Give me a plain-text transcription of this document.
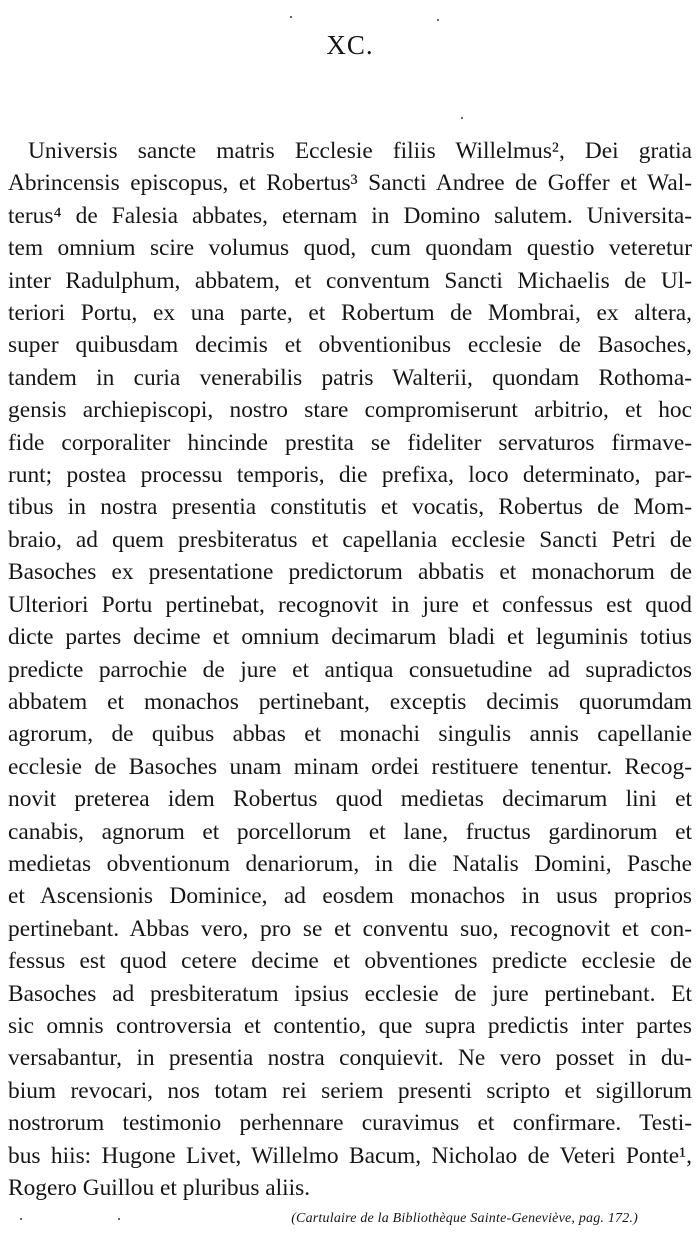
XC.
Universis sancte matris Ecclesie filiis Willelmus², Dei gratia
Abrincensis episcopus, et Robertus³ Sancti Andree de Goffer et Wal-
terus⁴ de Falesia abbates, eternam in Domino salutem. Universita-
tem omnium scire volumus quod, cum quondam questio veteretur
inter Radulphum, abbatem, et conventum Sancti Michaelis de Ul-
teriori Portu, ex una parte, et Robertum de Mombrai, ex altera,
super quibusdam decimis et obventionibus ecclesie de Basoches,
tandem in curia venerabilis patris Walterii, quondam Rothoma-
gensis archiepiscopi, nostro stare compromiserunt arbitrio, et hoc
fide corporaliter hincinde prestita se fideliter servaturos firmave-
runt; postea processu temporis, die prefixa, loco determinato, par-
tibus in nostra presentia constitutis et vocatis, Robertus de Mom-
braio, ad quem presbiteratus et capellania ecclesie Sancti Petri de
Basoches ex presentatione predictorum abbatis et monachorum de
Ulteriori Portu pertinebat, recognovit in jure et confessus est quod
dicte partes decime et omnium decimarum bladi et leguminis totius
predicte parrochie de jure et antiqua consuetudine ad supradictos
abbatem et monachos pertinebant, exceptis decimis quorumdam
agrorum, de quibus abbas et monachi singulis annis capellanie
ecclesie de Basoches unam minam ordei restituere tenentur. Recog-
novit preterea idem Robertus quod medietas decimarum lini et
canabis, agnorum et porcellorum et lane, fructus gardinorum et
medietas obventionum denariorum, in die Natalis Domini, Pasche
et Ascensionis Dominice, ad eosdem monachos in usus proprios
pertinebant. Abbas vero, pro se et conventu suo, recognovit et con-
fessus est quod cetere decime et obventiones predicte ecclesie de
Basoches ad presbiteratum ipsius ecclesie de jure pertinebant. Et
sic omnis controversia et contentio, que supra predictis inter partes
versabantur, in presentia nostra conquievit. Ne vero posset in du-
bium revocari, nos totam rei seriem presenti scripto et sigillorum
nostrorum testimonio perhennare curavimus et confirmare. Testi-
bus hiis: Hugone Livet, Willelmo Bacum, Nicholao de Veteri Ponte¹,
Rogero Guillou et pluribus aliis.
(Cartulaire de la Bibliothèque Sainte-Geneviève, pag. 172.)
